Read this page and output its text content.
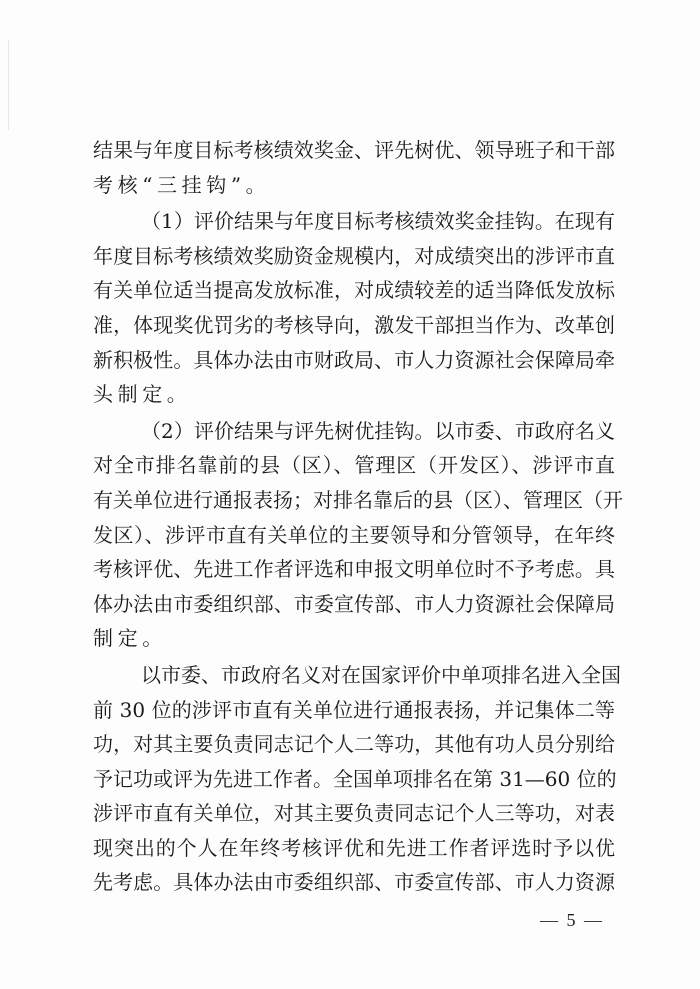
结果与年度目标考核绩效奖金、评先树优、领导班子和干部
考核“三挂钩”。
（1）评价结果与年度目标考核绩效奖金挂钩。在现有
年度目标考核绩效奖励资金规模内，对成绩突出的涉评市直
有关单位适当提高发放标准，对成绩较差的适当降低发放标
准，体现奖优罚劣的考核导向，激发干部担当作为、改革创
新积极性。具体办法由市财政局、市人力资源社会保障局牵
头制定。
（2）评价结果与评先树优挂钩。以市委、市政府名义
对全市排名靠前的县（区）、管理区（开发区）、涉评市直
有关单位进行通报表扬；对排名靠后的县（区）、管理区（开
发区）、涉评市直有关单位的主要领导和分管领导，在年终
考核评优、先进工作者评选和申报文明单位时不予考虑。具
体办法由市委组织部、市委宣传部、市人力资源社会保障局
制定。
以市委、市政府名义对在国家评价中单项排名进入全国
前 30 位的涉评市直有关单位进行通报表扬，并记集体二等
功，对其主要负责同志记个人二等功，其他有功人员分别给
予记功或评为先进工作者。全国单项排名在第 31—60 位的
涉评市直有关单位，对其主要负责同志记个人三等功，对表
现突出的个人在年终考核评优和先进工作者评选时予以优
先考虑。具体办法由市委组织部、市委宣传部、市人力资源
— 5 —
